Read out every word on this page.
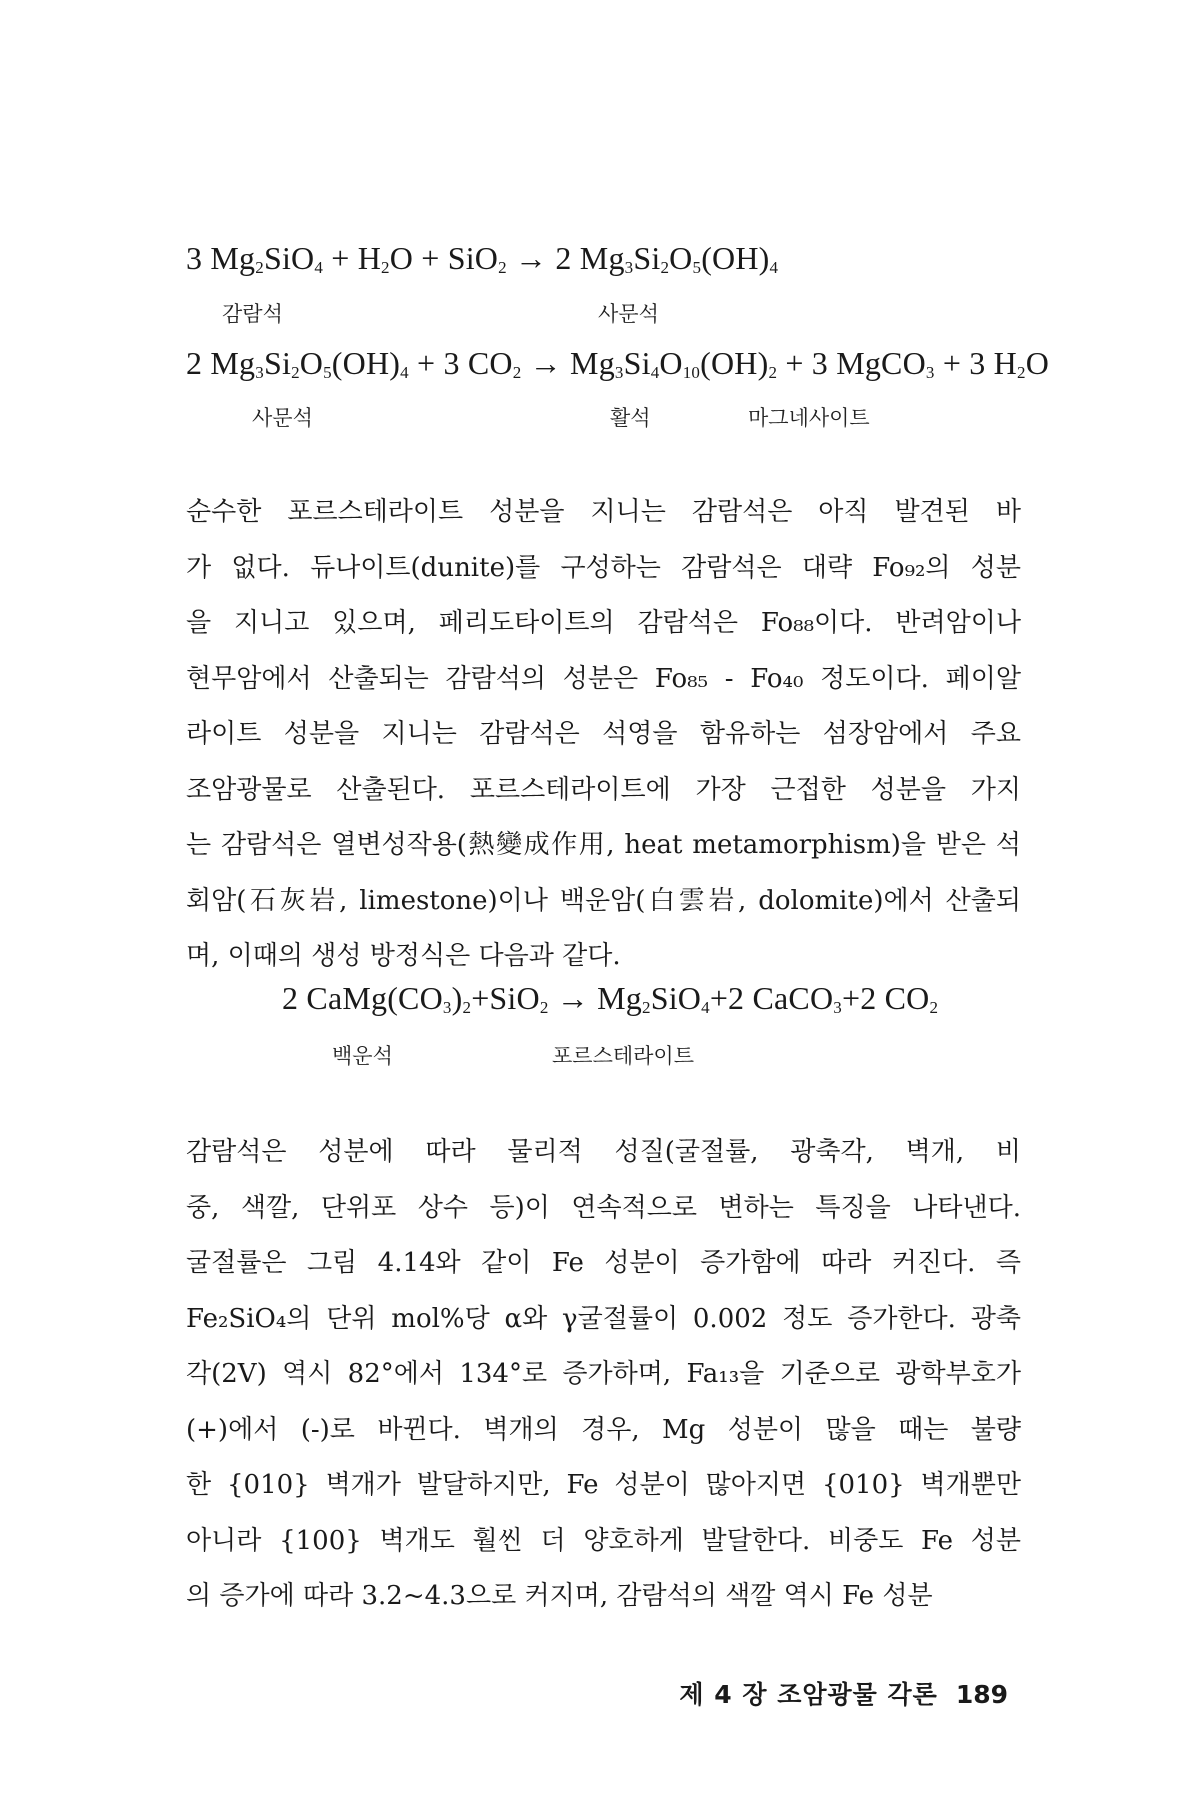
3 $Mg_2SiO_4 + H_2O + SiO_2 \to 2$ $Mg_3Si_2O_5(OH)_4$
감람석	사문석
2 $Mg_3Si_2O_5(OH)_4 + 3$ $CO_2 \to Mg_3Si_4O_{10}(OH)_2 + 3$ MgCO$_3$ + 3 $H_2O$
사문석	활석	마그네사이트
순수한 포르스테라이트 성분을 지니는 감람석은 아직 발견된 바
가 없다. 듀나이트(dunite)를 구성하는 감람석은 대략 Fo₉₂의 성분
을 지니고 있으며, 페리도타이트의 감람석은 Fo₈₈이다. 반려암이나
현무암에서 산출되는 감람석의 성분은 Fo₈₅ - Fo₄₀ 정도이다. 페이알
라이트 성분을 지니는 감람석은 석영을 함유하는 섬장암에서 주요
조암광물로 산출된다. 포르스테라이트에 가장 근접한 성분을 가지
는 감람석은 열변성작용(熱變成作用, heat metamorphism)을 받은 석
회암(石灰岩, limestone)이나 백운암(白雲岩, dolomite)에서 산출되
며, 이때의 생성 방정식은 다음과 같다.
2 $CaMg(CO_3)_2+SiO_2 \to Mg_2SiO_4+2$ CaCO$_3$+2 $CO_2$
백운석	포르스테라이트
감람석은 성분에 따라 물리적 성질(굴절률, 광축각, 벽개, 비
중, 색깔, 단위포 상수 등)이 연속적으로 변하는 특징을 나타낸다.
굴절률은 그림 4.14와 같이 Fe 성분이 증가함에 따라 커진다. 즉
Fe₂SiO₄의 단위 mol%당 α와 γ굴절률이 0.002 정도 증가한다. 광축
각(2V) 역시 82°에서 134°로 증가하며, Fa₁₃을 기준으로 광학부호가
(+)에서 (-)로 바뀐다. 벽개의 경우, Mg 성분이 많을 때는 불량
한 {010} 벽개가 발달하지만, Fe 성분이 많아지면 {010} 벽개뿐만
아니라 {100} 벽개도 훨씬 더 양호하게 발달한다. 비중도 Fe 성분
의 증가에 따라 3.2~4.3으로 커지며, 감람석의 색깔 역시 Fe 성분
제 4 장 조암광물 각론 189
